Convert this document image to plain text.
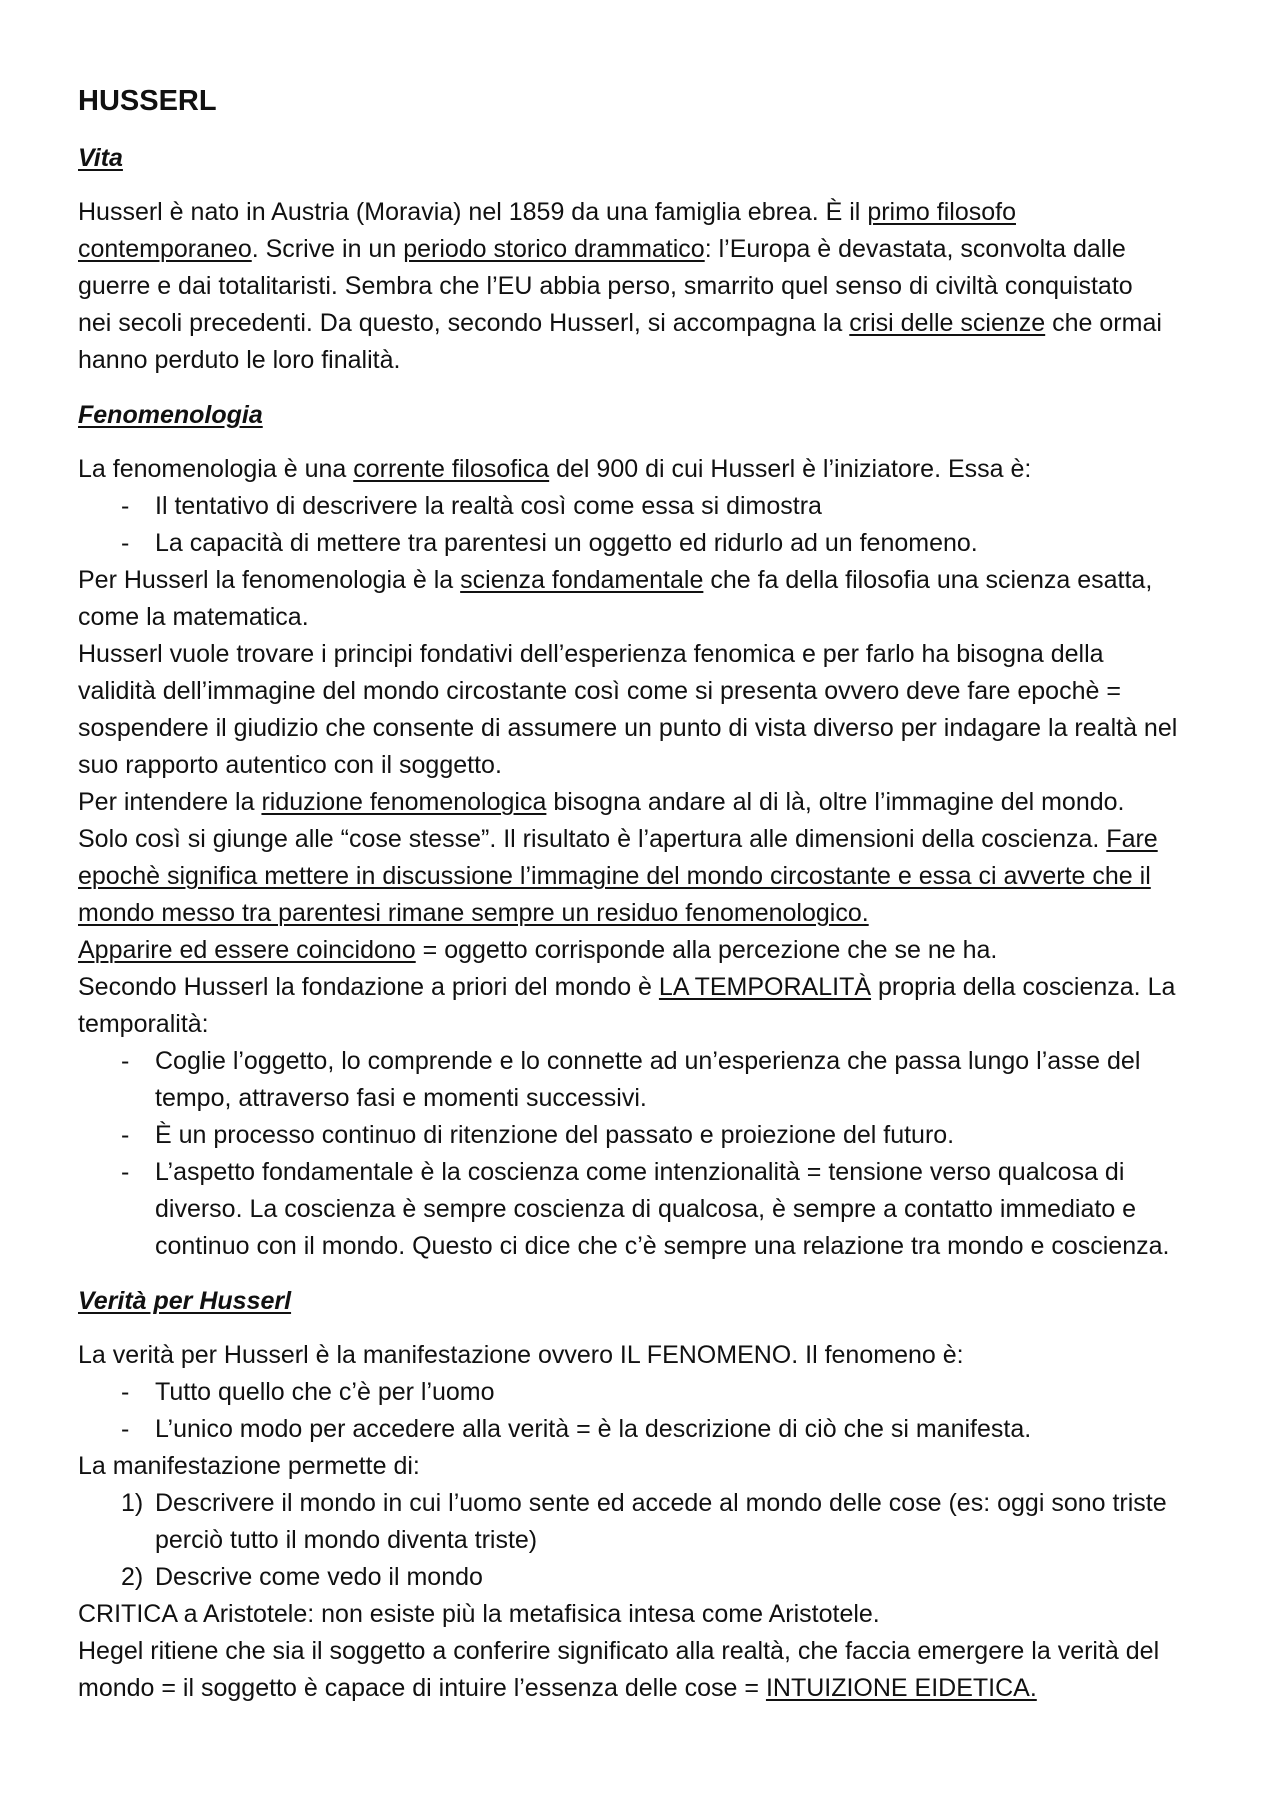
HUSSERL
Vita
Husserl è nato in Austria (Moravia) nel 1859 da una famiglia ebrea. È il primo filosofo
contemporaneo. Scrive in un periodo storico drammatico: l’Europa è devastata, sconvolta dalle
guerre e dai totalitaristi. Sembra che l’EU abbia perso, smarrito quel senso di civiltà conquistato
nei secoli precedenti. Da questo, secondo Husserl, si accompagna la crisi delle scienze che ormai
hanno perduto le loro finalità.
Fenomenologia
La fenomenologia è una corrente filosofica del 900 di cui Husserl è l’iniziatore. Essa è:
- Il tentativo di descrivere la realtà così come essa si dimostra
- La capacità di mettere tra parentesi un oggetto ed ridurlo ad un fenomeno.
Per Husserl la fenomenologia è la scienza fondamentale che fa della filosofia una scienza esatta,
come la matematica.
Husserl vuole trovare i principi fondativi dell’esperienza fenomica e per farlo ha bisogna della
validità dell’immagine del mondo circostante così come si presenta ovvero deve fare epochè =
sospendere il giudizio che consente di assumere un punto di vista diverso per indagare la realtà nel
suo rapporto autentico con il soggetto.
Per intendere la riduzione fenomenologica bisogna andare al di là, oltre l’immagine del mondo.
Solo così si giunge alle “cose stesse”. Il risultato è l’apertura alle dimensioni della coscienza. Fare
epochè significa mettere in discussione l’immagine del mondo circostante e essa ci avverte che il
mondo messo tra parentesi rimane sempre un residuo fenomenologico.
Apparire ed essere coincidono = oggetto corrisponde alla percezione che se ne ha.
Secondo Husserl la fondazione a priori del mondo è LA TEMPORALITÀ propria della coscienza. La
temporalità:
- Coglie l’oggetto, lo comprende e lo connette ad un’esperienza che passa lungo l’asse del
tempo, attraverso fasi e momenti successivi.
- È un processo continuo di ritenzione del passato e proiezione del futuro.
- L’aspetto fondamentale è la coscienza come intenzionalità = tensione verso qualcosa di
diverso. La coscienza è sempre coscienza di qualcosa, è sempre a contatto immediato e
continuo con il mondo. Questo ci dice che c’è sempre una relazione tra mondo e coscienza.
Verità per Husserl
La verità per Husserl è la manifestazione ovvero IL FENOMENO. Il fenomeno è:
- Tutto quello che c’è per l’uomo
- L’unico modo per accedere alla verità = è la descrizione di ciò che si manifesta.
La manifestazione permette di:
1) Descrivere il mondo in cui l’uomo sente ed accede al mondo delle cose (es: oggi sono triste
perciò tutto il mondo diventa triste)
2) Descrive come vedo il mondo
CRITICA a Aristotele: non esiste più la metafisica intesa come Aristotele.
Hegel ritiene che sia il soggetto a conferire significato alla realtà, che faccia emergere la verità del
mondo = il soggetto è capace di intuire l’essenza delle cose = INTUIZIONE EIDETICA.
